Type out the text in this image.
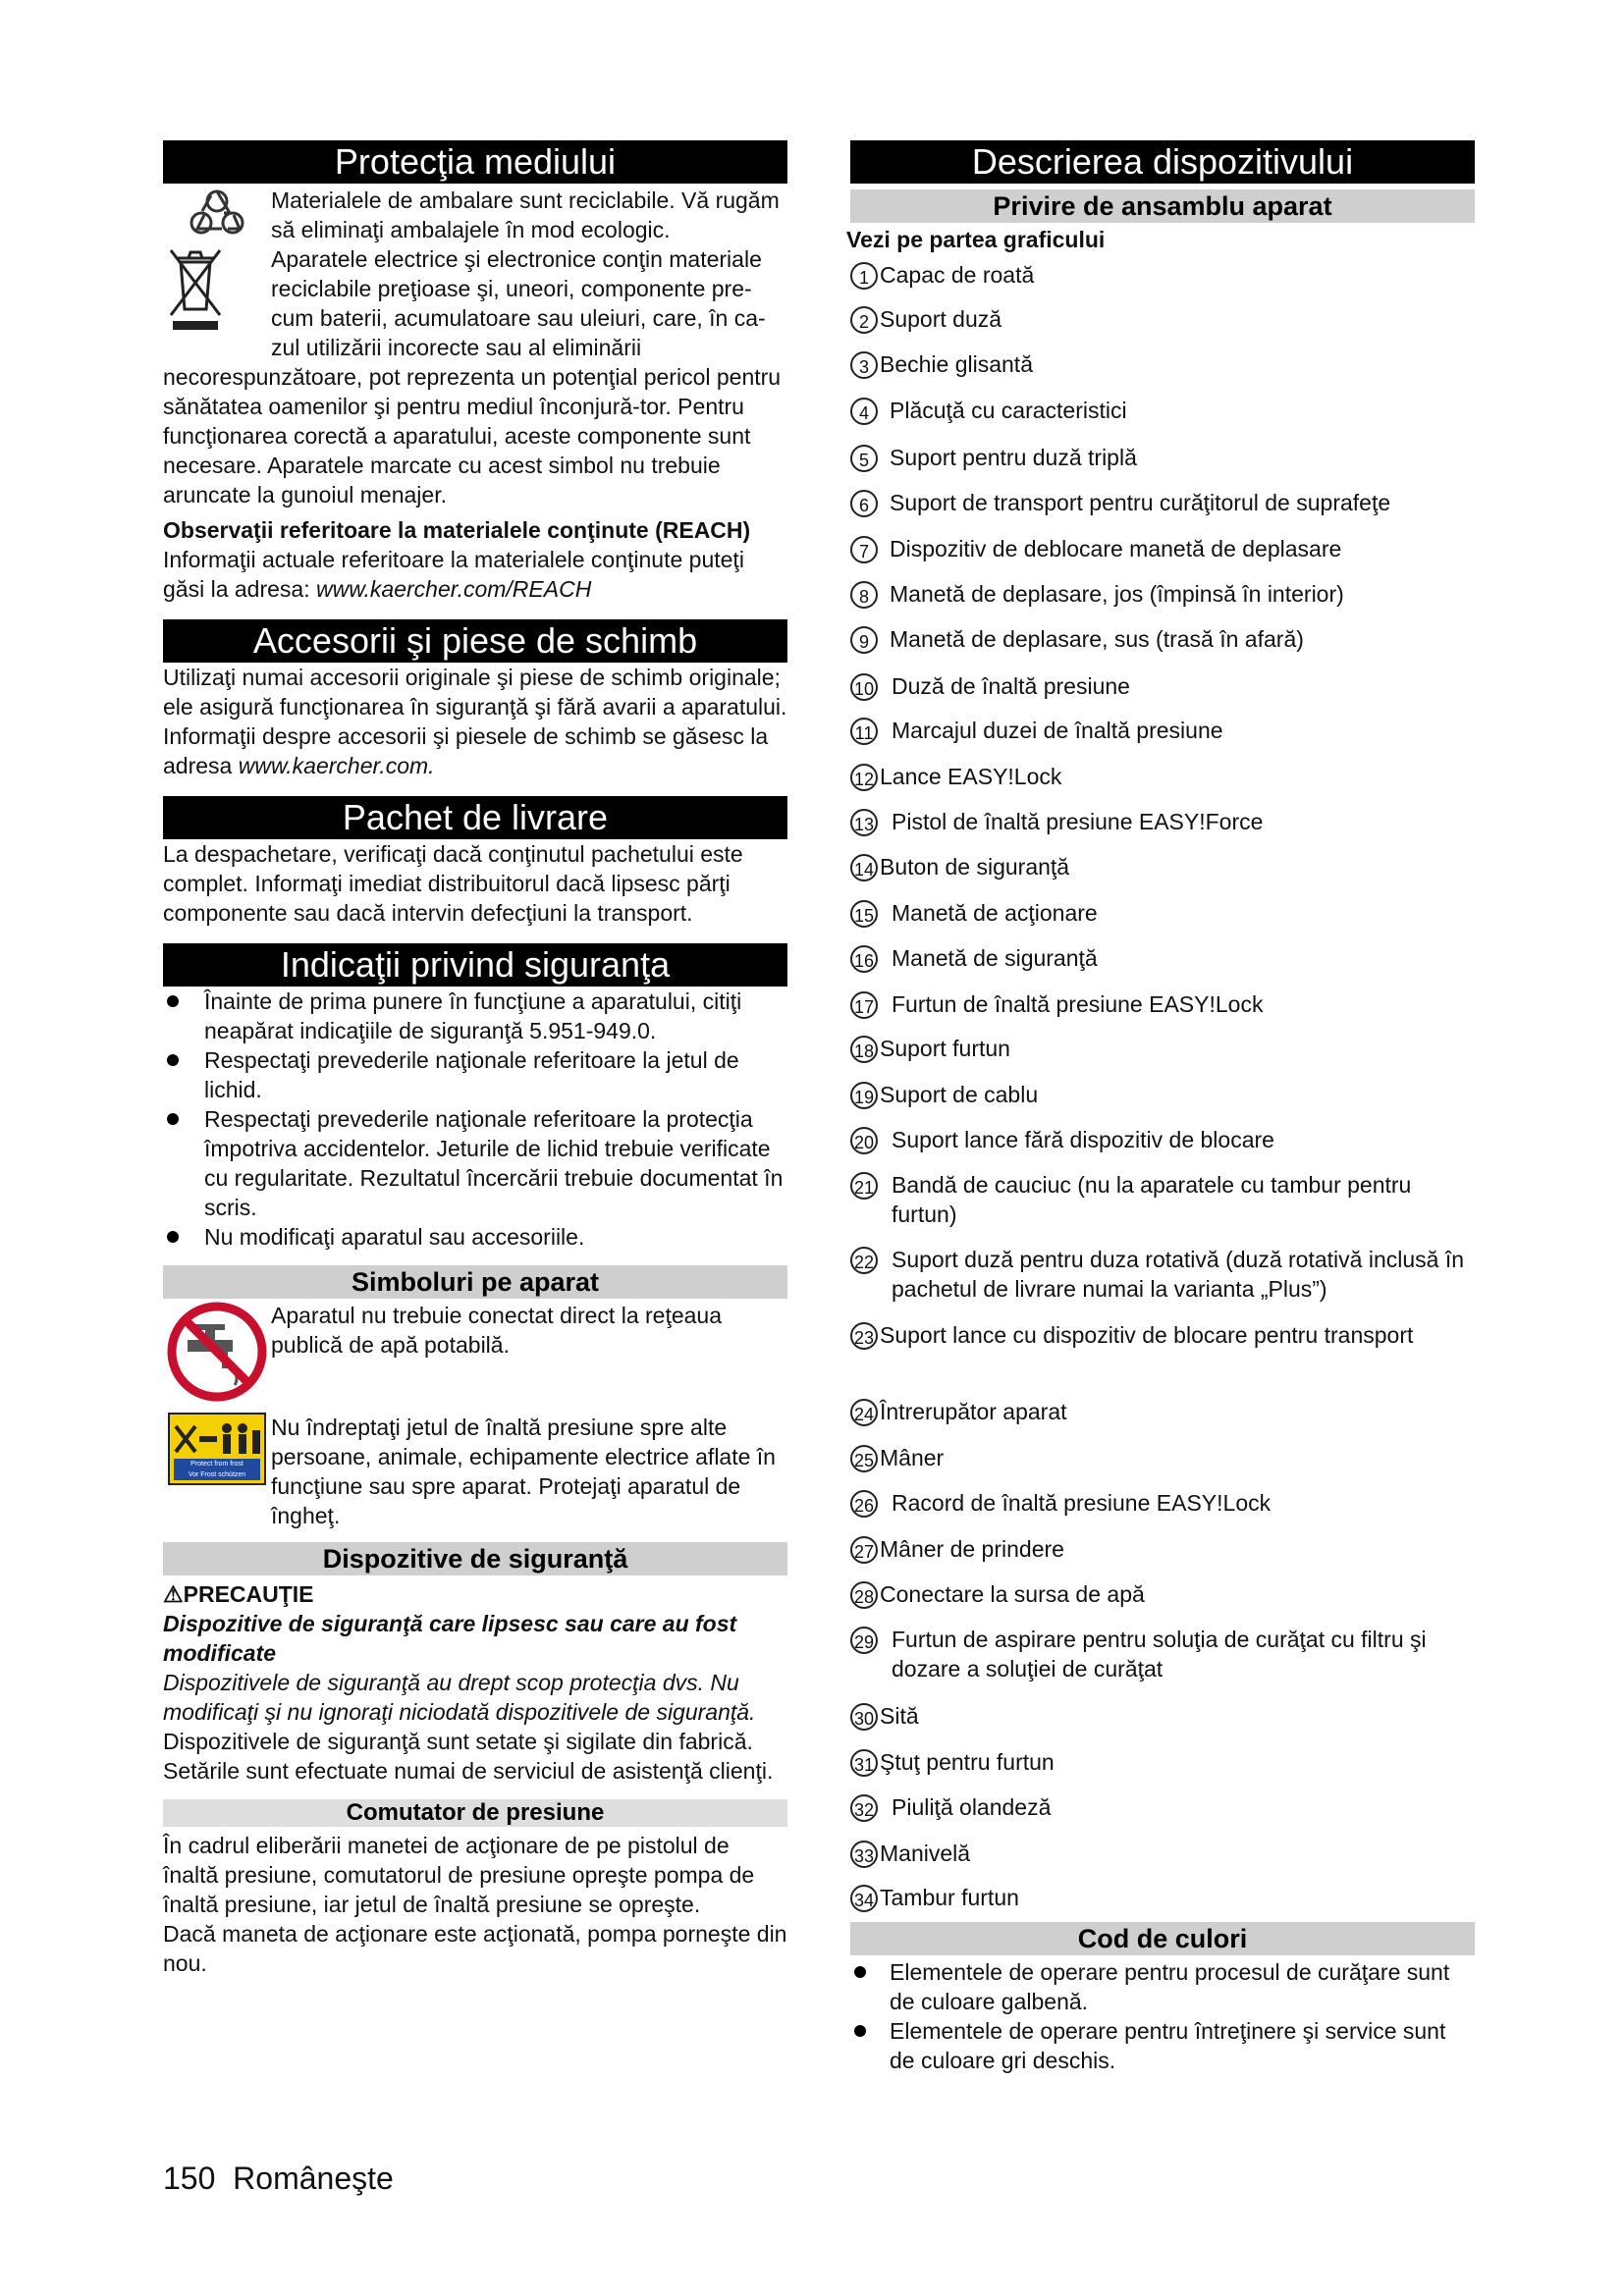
Protecţia mediului

Materialele de ambalare sunt reciclabile. Vă rugăm să eliminaţi ambalajele în mod ecologic.

Aparatele electrice şi electronice conţin materiale reciclabile preţioase şi, uneori, componente pre-cum baterii, acumulatoare sau uleiuri, care, în ca-zul utilizării incorecte sau al eliminării

necorespunzătoare, pot reprezenta un potenţial pericol pentru sănătatea oamenilor şi pentru mediul înconjură-tor. Pentru funcţionarea corectă a aparatului, aceste componente sunt necesare. Aparatele marcate cu acest simbol nu trebuie aruncate la gunoiul menajer.

Observaţii referitoare la materialele conţinute (REACH)

Informaţii actuale referitoare la materialele conţinute puteţi găsi la adresa: www.kaercher.com/REACH

Accesorii şi piese de schimb

Utilizaţi numai accesorii originale şi piese de schimb originale; ele asigură funcţionarea în siguranţă şi fără avarii a aparatului.

Informaţii despre accesorii şi piesele de schimb se găsesc la adresa www.kaercher.com.

Pachet de livrare

La despachetare, verificaţi dacă conţinutul pachetului este complet. Informaţi imediat distribuitorul dacă lipsesc părţi componente sau dacă intervin defecţiuni la transport.

Indicaţii privind siguranţa
Înainte de prima punere în funcţiune a aparatului, citiţi neapărat indicaţiile de siguranţă 5.951-949.0.
Respectaţi prevederile naţionale referitoare la jetul de lichid.
Respectaţi prevederile naţionale referitoare la protecţia împotriva accidentelor. Jeturile de lichid trebuie verificate cu regularitate. Rezultatul încercării trebuie documentat în scris.
Nu modificaţi aparatul sau accesoriile.
Simboluri pe aparat

Aparatul nu trebuie conectat direct la reţeaua publică de apă potabilă.

Protect from frost
Vor Frost schützen

Nu îndreptaţi jetul de înaltă presiune spre alte persoane, animale, echipamente electrice aflate în funcţiune sau spre aparat. Protejaţi aparatul de îngheţ.

Dispozitive de siguranţă

⚠PRECAUŢIE

Dispozitive de siguranţă care lipsesc sau care au fost modificate

Dispozitivele de siguranţă au drept scop protecţia dvs. Nu modificaţi şi nu ignoraţi niciodată dispozitivele de siguranţă.

Dispozitivele de siguranţă sunt setate şi sigilate din fabrică. Setările sunt efectuate numai de serviciul de asistenţă clienţi.

Comutator de presiune

În cadrul eliberării manetei de acţionare de pe pistolul de înaltă presiune, comutatorul de presiune opreşte pompa de înaltă presiune, iar jetul de înaltă presiune se opreşte.

Dacă maneta de acţionare este acţionată, pompa porneşte din nou.

Descrierea dispozitivului
Privire de ansamblu aparat

Vezi pe partea graficului

1 Capac de roată
2 Suport duză
3 Bechie glisantă
4 Plăcuţă cu caracteristici
5 Suport pentru duză triplă
6 Suport de transport pentru curăţitorul de suprafeţe
7 Dispozitiv de deblocare manetă de deplasare
8 Manetă de deplasare, jos (împinsă în interior)
9 Manetă de deplasare, sus (trasă în afară)
10 Duză de înaltă presiune
11 Marcajul duzei de înaltă presiune
12 Lance EASY!Lock
13 Pistol de înaltă presiune EASY!Force
14 Buton de siguranţă
15 Manetă de acţionare
16 Manetă de siguranţă
17 Furtun de înaltă presiune EASY!Lock
18 Suport furtun
19 Suport de cablu
20 Suport lance fără dispozitiv de blocare
21 Bandă de cauciuc (nu la aparatele cu tambur pentru furtun)
22 Suport duză pentru duza rotativă (duză rotativă inclusă în pachetul de livrare numai la varianta „Plus”)
23 Suport lance cu dispozitiv de blocare pentru transport
24 Întrerupător aparat
25 Mâner
26 Racord de înaltă presiune EASY!Lock
27 Mâner de prindere
28 Conectare la sursa de apă
29 Furtun de aspirare pentru soluţia de curăţat cu filtru şi dozare a soluţiei de curăţat
30 Sită
31 Ştuţ pentru furtun
32 Piuliţă olandeză
33 Manivelă
34 Tambur furtun
Cod de culori
Elementele de operare pentru procesul de curăţare sunt de culoare galbenă.
Elementele de operare pentru întreţinere şi service sunt de culoare gri deschis.
150 Româneşte
